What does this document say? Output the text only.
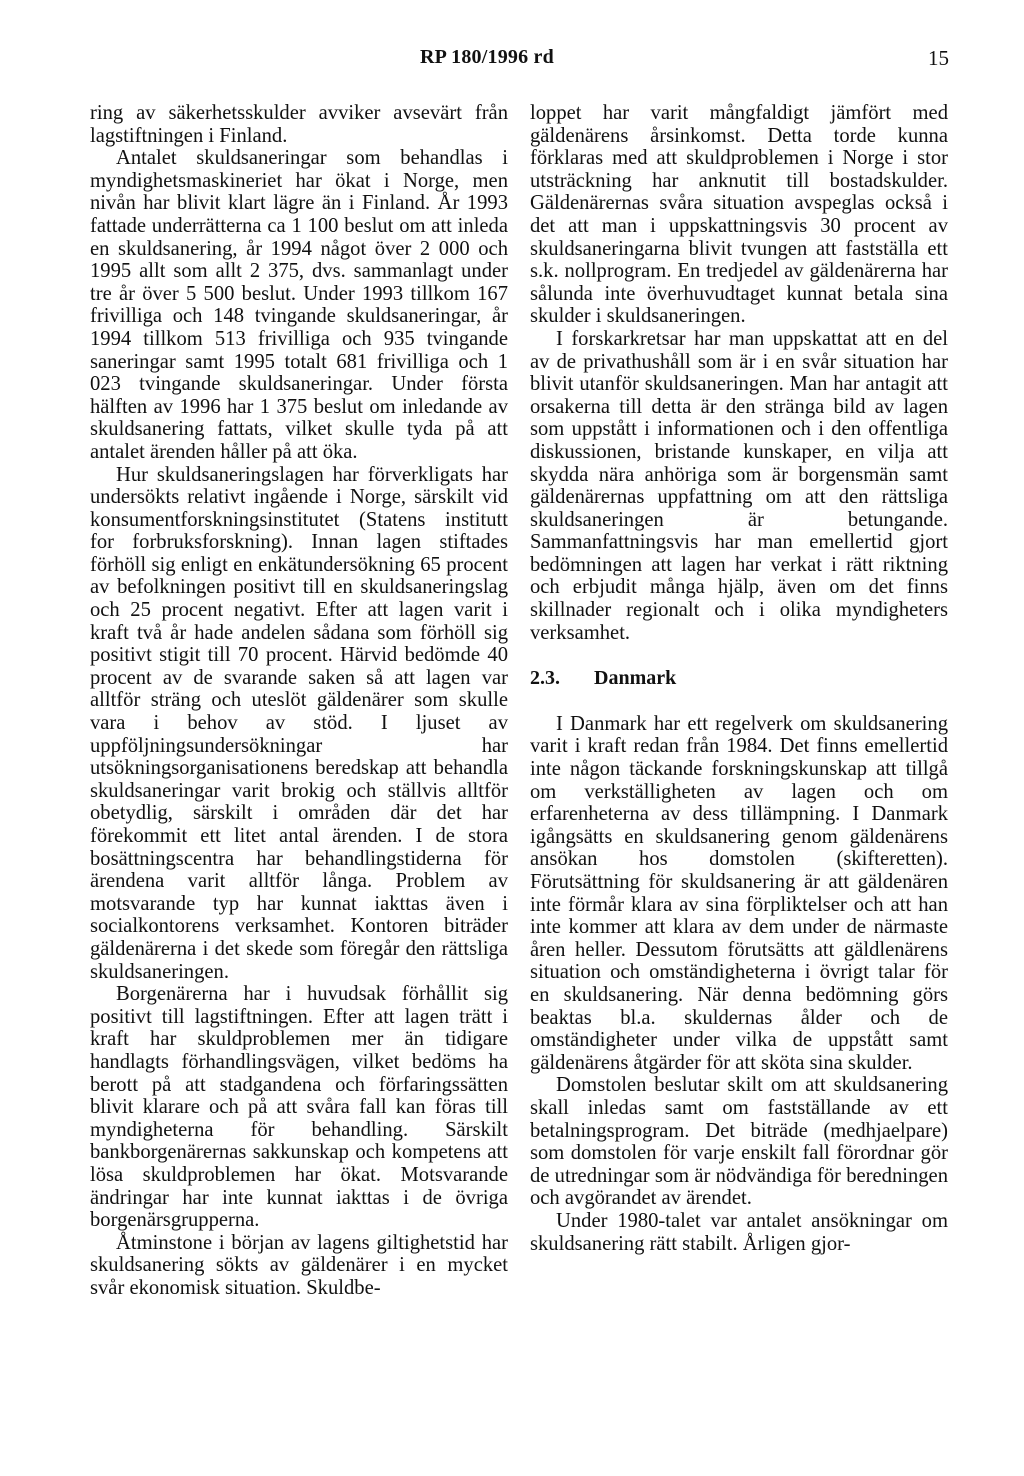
RP 180/1996 rd	15

ring av säkerhetsskulder avviker avsevärt från lagstiftningen i Finland.

Antalet skuldsaneringar som behandlas i myndighetsmaskineriet har ökat i Norge, men nivån har blivit klart lägre än i Finland. År 1993 fattade underrätterna ca 1 100 beslut om att inleda en skuldsanering, år 1994 något över 2 000 och 1995 allt som allt 2 375, dvs. sammanlagt under tre år över 5 500 beslut. Under 1993 tillkom 167 frivilliga och 148 tvingande skuldsaneringar, år 1994 tillkom 513 frivilliga och 935 tvingande saneringar samt 1995 totalt 681 frivilliga och 1 023 tvingande skuldsaneringar. Under första hälften av 1996 har 1 375 beslut om inledande av skuldsanering fattats, vilket skulle tyda på att antalet ärenden håller på att öka.

Hur skuldsaneringslagen har förverkligats har undersökts relativt ingående i Norge, särskilt vid konsumentforskningsinstitutet (Statens institutt for forbruksforskning). Innan lagen stiftades förhöll sig enligt en enkätundersökning 65 procent av befolkningen positivt till en skuldsaneringslag och 25 procent negativt. Efter att lagen varit i kraft två år hade andelen sådana som förhöll sig positivt stigit till 70 procent. Härvid bedömde 40 procent av de svarande saken så att lagen var alltför sträng och uteslöt gäldenärer som skulle vara i behov av stöd. I ljuset av uppföljningsundersökningar har utsökningsorganisationens beredskap att behandla skuldsaneringar varit brokig och ställvis alltför obetydlig, särskilt i områden där det har förekommit ett litet antal ärenden. I de stora bosättningscentra har behandlingstiderna för ärendena varit alltför långa. Problem av motsvarande typ har kunnat iakttas även i socialkontorens verksamhet. Kontoren biträder gäldenärerna i det skede som föregår den rättsliga skuldsaneringen.

Borgenärerna har i huvudsak förhållit sig positivt till lagstiftningen. Efter att lagen trätt i kraft har skuldproblemen mer än tidigare handlagts förhandlingsvägen, vilket bedöms ha berott på att stadgandena och förfaringssätten blivit klarare och på att svåra fall kan föras till myndigheterna för behandling. Särskilt bankborgenärernas sakkunskap och kompetens att lösa skuldproblemen har ökat. Motsvarande ändringar har inte kunnat iakttas i de övriga borgenärsgrupperna.

Åtminstone i början av lagens giltighetstid har skuldsanering sökts av gäldenärer i en mycket svår ekonomisk situation. Skuldbe-

loppet har varit mångfaldigt jämfört med gäldenärens årsinkomst. Detta torde kunna förklaras med att skuldproblemen i Norge i stor utsträckning har anknutit till bostadskulder. Gäldenärernas svåra situation avspeglas också i det att man i uppskattningsvis 30 procent av skuldsaneringarna blivit tvungen att fastställa ett s.k. nollprogram. En tredjedel av gäldenärerna har sålunda inte överhuvudtaget kunnat betala sina skulder i skuldsaneringen.

I forskarkretsar har man uppskattat att en del av de privathushåll som är i en svår situation har blivit utanför skuldsaneringen. Man har antagit att orsakerna till detta är den stränga bild av lagen som uppstått i informationen och i den offentliga diskussionen, bristande kunskaper, en vilja att skydda nära anhöriga som är borgensmän samt gäldenärernas uppfattning om att den rättsliga skuldsaneringen är betungande. Sammanfattningsvis har man emellertid gjort bedömningen att lagen har verkat i rätt riktning och erbjudit många hjälp, även om det finns skillnader regionalt och i olika myndigheters verksamhet.

2.3. Danmark

I Danmark har ett regelverk om skuldsanering varit i kraft redan från 1984. Det finns emellertid inte någon täckande forskningskunskap att tillgå om verkställigheten av lagen och om erfarenheterna av dess tillämpning. I Danmark igångsätts en skuldsanering genom gäldenärens ansökan hos domstolen (skifteretten). Förutsättning för skuldsanering är att gäldenären inte förmår klara av sina förpliktelser och att han inte kommer att klara av dem under de närmaste åren heller. Dessutom förutsätts att gäldlenärens situation och omständigheterna i övrigt talar för en skuldsanering. När denna bedömning görs beaktas bl.a. skuldernas ålder och de omständigheter under vilka de uppstått samt gäldenärens åtgärder för att sköta sina skulder.

Domstolen beslutar skilt om att skuldsanering skall inledas samt om fastställande av ett betalningsprogram. Det biträde (medhjaelpare) som domstolen för varje enskilt fall förordnar gör de utredningar som är nödvändiga för beredningen och avgörandet av ärendet.

Under 1980-talet var antalet ansökningar om skuldsanering rätt stabilt. Årligen gjor-
